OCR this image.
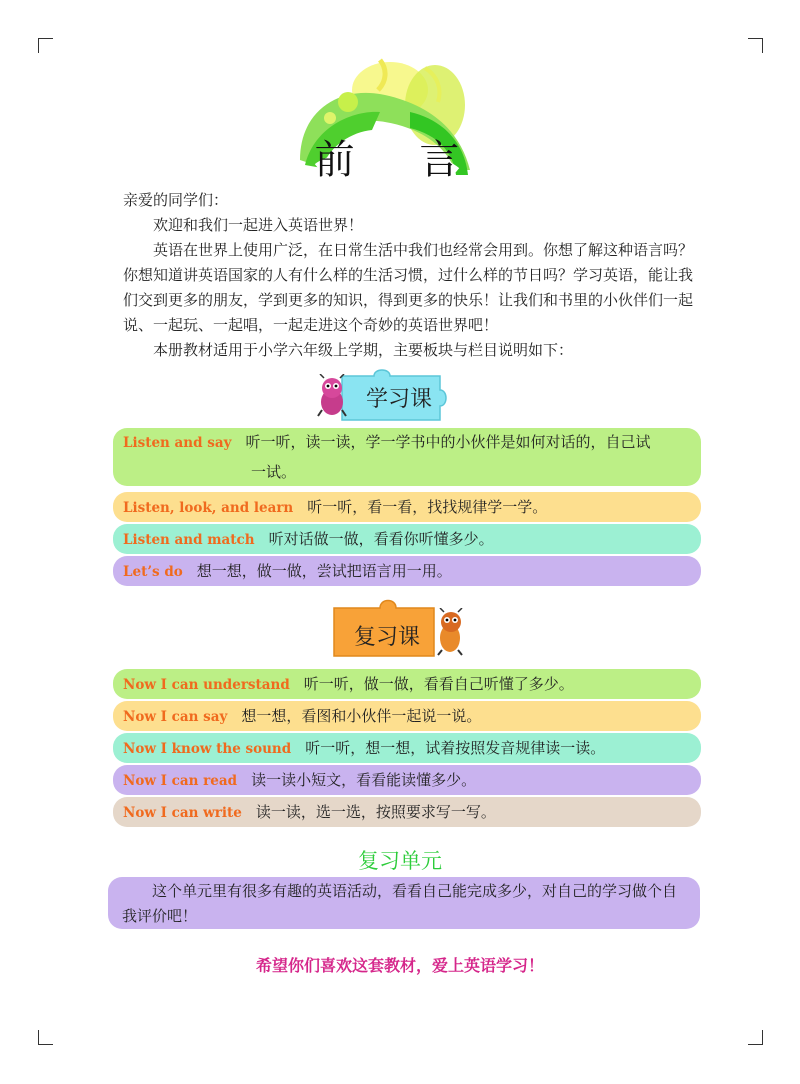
前 言

亲爱的同学们：

欢迎和我们一起进入英语世界！

英语在世界上使用广泛，在日常生活中我们也经常会用到。你想了解这种语言吗？你想知道讲英语国家的人有什么样的生活习惯，过什么样的节日吗？学习英语，能让我们交到更多的朋友，学到更多的知识，得到更多的快乐！让我们和书里的小伙伴们一起说、一起玩、一起唱，一起走进这个奇妙的英语世界吧！

本册教材适用于小学六年级上学期，主要板块与栏目说明如下：

学习课
Listen and say 听一听，读一读，学一学书中的小伙伴是如何对话的，自己试
一试。
Listen, look, and learn 听一听，看一看，找找规律学一学。
Listen and match 听对话做一做，看看你听懂多少。
Let’s do 想一想，做一做，尝试把语言用一用。
复习课
Now I can understand 听一听，做一做，看看自己听懂了多少。
Now I can say 想一想，看图和小伙伴一起说一说。
Now I know the sound 听一听，想一想，试着按照发音规律读一读。
Now I can read 读一读小短文，看看能读懂多少。
Now I can write 读一读，选一选，按照要求写一写。
复习单元
这个单元里有很多有趣的英语活动，看看自己能完成多少，对自己的学习做个自我评价吧！
希望你们喜欢这套教材，爱上英语学习！
